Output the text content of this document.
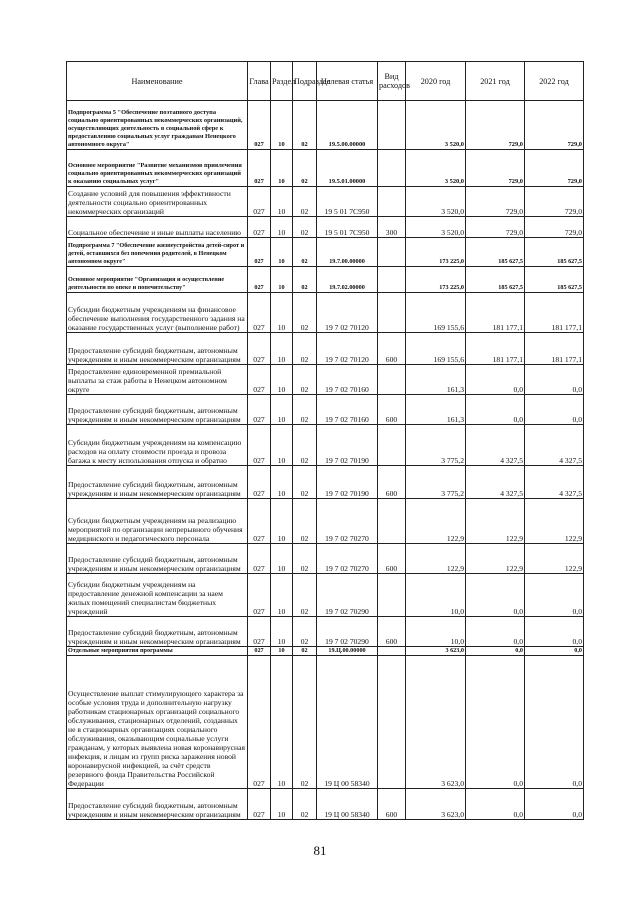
Наименование	Глава	Раздел	Подраздел	Целевая статья	Вид расходов	2020 год	2021 год	2022 год
Подпрограмма 5 "Обеспечение поэтапного доступа социально ориентированных некоммерческих организаций, осуществляющих деятельность в социальной сфере к предоставлению социальных услуг гражданам Ненецкого автономного округа"	027	10	02	19.5.00.00000		3 520,0	729,0	729,0
Основное мероприятие "Развитие механизмов привлечения социально ориентированных некоммерческих организаций к оказанию социальных услуг"	027	10	02	19.5.01.00000		3 520,0	729,0	729,0
Создание условий для повышения эффективности деятельности социально ориентированных некоммерческих организаций	027	10	02	19 5 01 7С950		3 520,0	729,0	729,0
Социальное обеспечение и иные выплаты населению	027	10	02	19 5 01 7С950	300	3 520,0	729,0	729,0
Подпрограмма 7 "Обеспечение жизнеустройства детей-сирот и детей, оставшихся без попечения родителей, в Ненецком автономном округе"	027	10	02	19.7.00.00000		173 225,0	185 627,5	185 627,5
Основное мероприятие "Организация и осуществление деятельности по опеке и попечительству"	027	10	02	19.7.02.00000		173 225,0	185 627,5	185 627,5
Субсидии бюджетным учреждениям на финансовое обеспечение выполнения государственного задания на оказание государственных услуг (выполнение работ)	027	10	02	19 7 02 70120		169 155,6	181 177,1	181 177,1
Предоставление субсидий бюджетным, автономным учреждениям и иным некоммерческим организациям	027	10	02	19 7 02 70120	600	169 155,6	181 177,1	181 177,1
Предоставление единовременной премиальной выплаты за стаж работы в Ненецком автономном округе	027	10	02	19 7 02 70160		161,3	0,0	0,0
Предоставление субсидий бюджетным, автономным учреждениям и иным некоммерческим организациям	027	10	02	19 7 02 70160	600	161,3	0,0	0,0
Субсидии бюджетным учреждениям на компенсацию расходов на оплату стоимости проезда и провоза багажа к месту использования отпуска и обратно	027	10	02	19 7 02 70190		3 775,2	4 327,5	4 327,5
Предоставление субсидий бюджетным, автономным учреждениям и иным некоммерческим организациям	027	10	02	19 7 02 70190	600	3 775,2	4 327,5	4 327,5
Субсидии бюджетным учреждениям на реализацию мероприятий по организации непрерывного обучения медицинского и педагогического персонала	027	10	02	19 7 02 70270		122,9	122,9	122,9
Предоставление субсидий бюджетным, автономным учреждениям и иным некоммерческим организациям	027	10	02	19 7 02 70270	600	122,9	122,9	122,9
Субсидии бюджетным учреждениям на предоставление денежной компенсации за наем жилых помещений специалистам бюджетных учреждений	027	10	02	19 7 02 70290		10,0	0,0	0,0
Предоставление субсидий бюджетным, автономным учреждениям и иным некоммерческим организациям	027	10	02	19 7 02 70290	600	10,0	0,0	0,0
Отдельные мероприятия программы	027	10	02	19.Ц.00.00000		3 623,0	0,0	0,0
Осуществление выплат стимулирующего характера за особые условия труда и дополнительную нагрузку работникам стационарных организаций социального обслуживания, стационарных отделений, созданных не в стационарных организациях социального обслуживания, оказывающим социальные услуги гражданам, у которых выявлена новая коронавирусная инфекция, и лицам из групп риска заражения новой коронавирусной инфекцией, за счёт средств резервного фонда Правительства Российской Федерации	027	10	02	19 Ц 00 58340		3 623,0	0,0	0,0
Предоставление субсидий бюджетным, автономным учреждениям и иным некоммерческим организациям	027	10	02	19 Ц 00 58340	600	3 623,0	0,0	0,0
81
